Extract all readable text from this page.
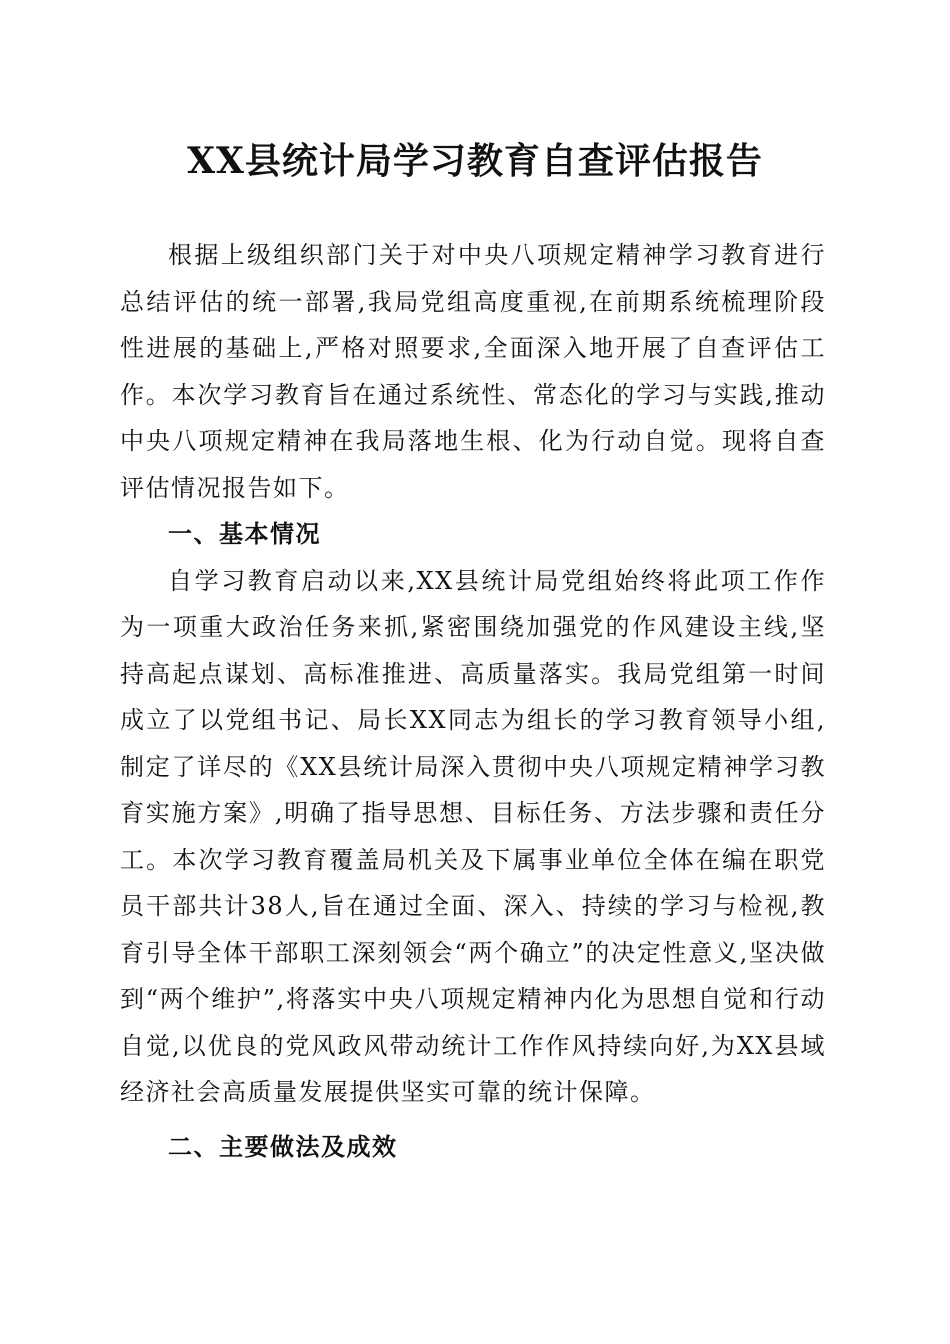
XX县统计局学习教育自查评估报告

根据上级组织部门关于对中央八项规定精神学习教育进行总结评估的统一部署,我局党组高度重视,在前期系统梳理阶段性进展的基础上,严格对照要求,全面深入地开展了自查评估工作。本次学习教育旨在通过系统性、常态化的学习与实践,推动中央八项规定精神在我局落地生根、化为行动自觉。现将自查评估情况报告如下。

一、基本情况

自学习教育启动以来,XX县统计局党组始终将此项工作作为一项重大政治任务来抓,紧密围绕加强党的作风建设主线,坚持高起点谋划、高标准推进、高质量落实。我局党组第一时间成立了以党组书记、局长XX同志为组长的学习教育领导小组,制定了详尽的《XX县统计局深入贯彻中央八项规定精神学习教育实施方案》,明确了指导思想、目标任务、方法步骤和责任分工。本次学习教育覆盖局机关及下属事业单位全体在编在职党员干部共计38人,旨在通过全面、深入、持续的学习与检视,教育引导全体干部职工深刻领会“两个确立”的决定性意义,坚决做到“两个维护”,将落实中央八项规定精神内化为思想自觉和行动自觉,以优良的党风政风带动统计工作作风持续向好,为XX县域经济社会高质量发展提供坚实可靠的统计保障。

二、主要做法及成效
